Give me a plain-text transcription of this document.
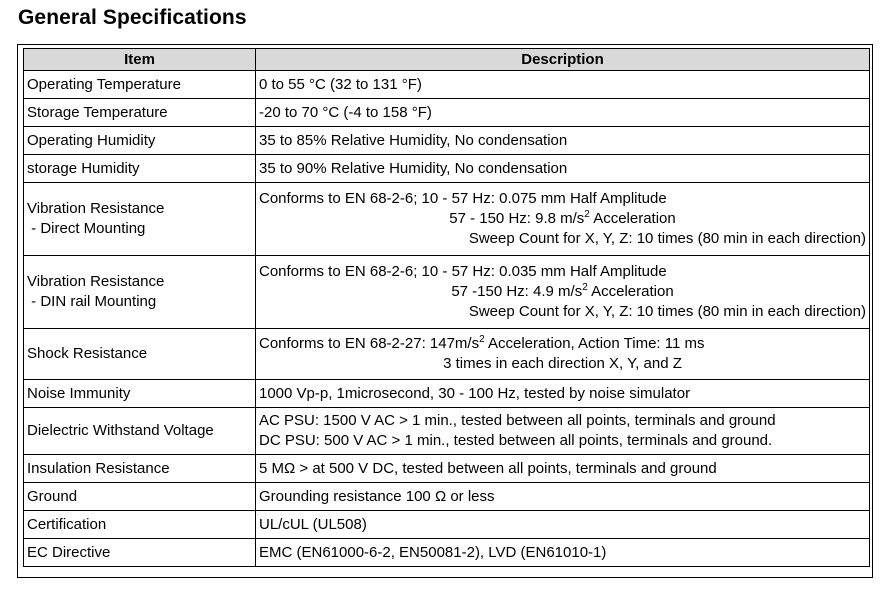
General Specifications
Item	Description
Operating Temperature	0 to 55 °C (32 to 131 °F)

Storage Temperature	-20 to 70 °C (-4 to 158 °F)

Operating Humidity	35 to 85% Relative Humidity, No condensation

storage Humidity	35 to 90% Relative Humidity, No condensation

Vibration Resistance
- Direct Mounting	Conforms to EN 68-2-6; 10 - 57 Hz: 0.075 mm Half Amplitude
57 - 150 Hz: 9.8 $m/s^2$ Acceleration
Sweep Count for X, Y, Z: 10 times (80 min in each direction)

Vibration Resistance
- DIN rail Mounting	Conforms to EN 68-2-6; 10 - 57 Hz: 0.035 mm Half Amplitude
57 -150 Hz: 4.9 $m/s^2$ Acceleration
Sweep Count for X, Y, Z: 10 times (80 min in each direction)

Shock Resistance	Conforms to EN 68-2-27: $147m/s^2$ Acceleration, Action Time: 11 ms
3 times in each direction X, Y, and Z

Noise Immunity	1000 Vp-p, 1microsecond, 30 - 100 Hz, tested by noise simulator

Dielectric Withstand Voltage	AC PSU: 1500 V AC > 1 min., tested between all points, terminals and ground
DC PSU: 500 V AC > 1 min., tested between all points, terminals and ground.

Insulation Resistance	5 MΩ > at 500 V DC, tested between all points, terminals and ground

Ground	Grounding resistance 100 Ω or less

Certification	UL/cUL (UL508)

EC Directive	EMC (EN61000-6-2, EN50081-2), LVD (EN61010-1)
